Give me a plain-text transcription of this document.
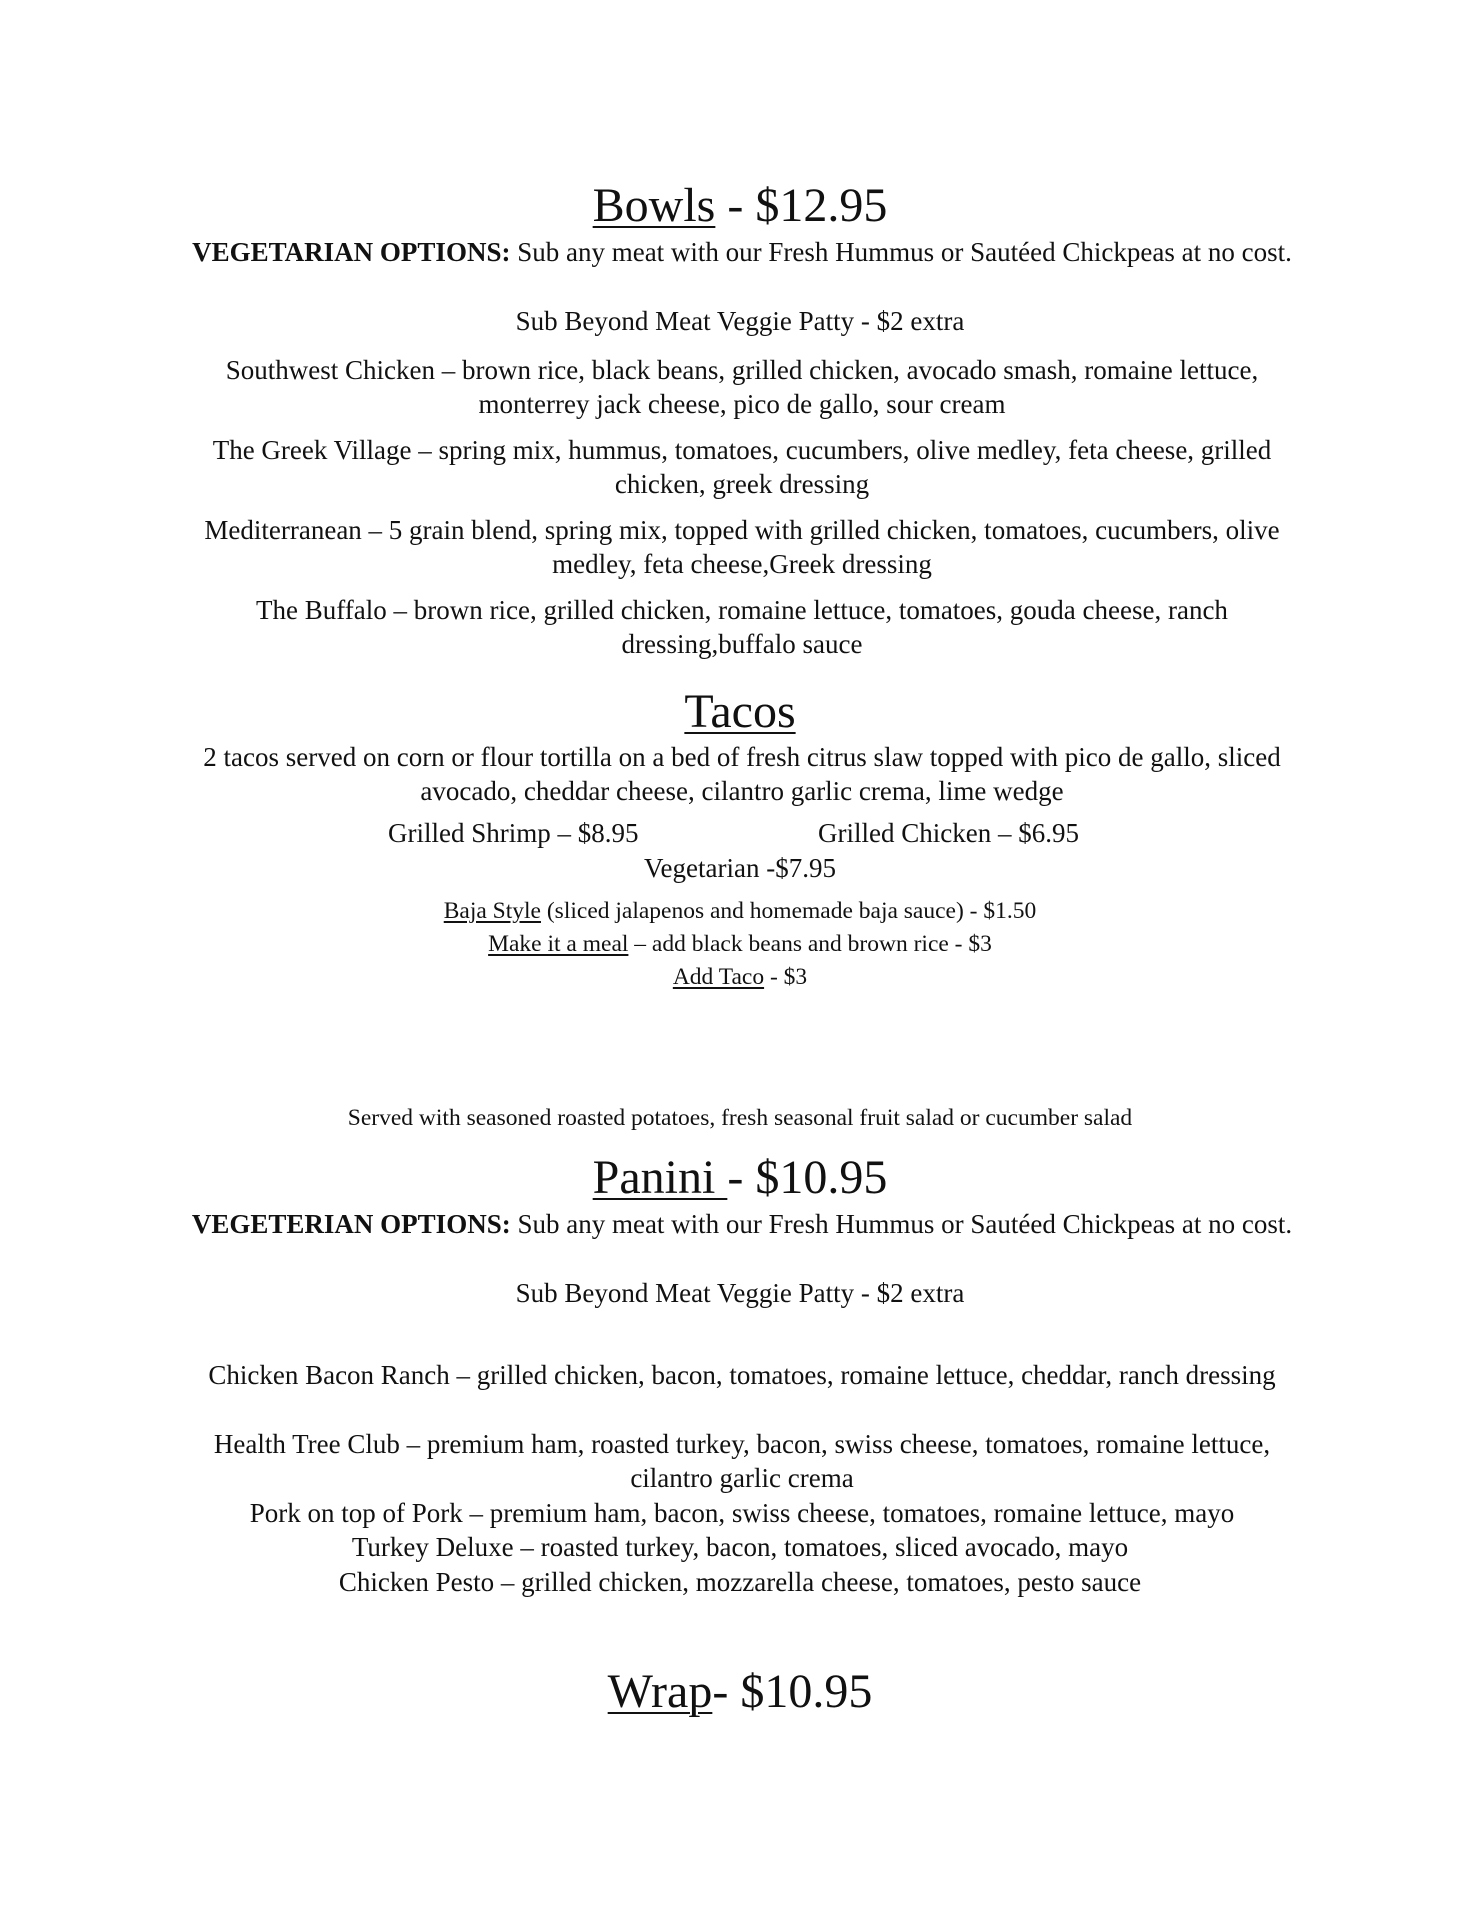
Bowls - $12.95
VEGETARIAN OPTIONS: Sub any meat with our Fresh Hummus or Sautéed Chickpeas at no cost.
Sub Beyond Meat Veggie Patty - $2 extra
Southwest Chicken – brown rice, black beans, grilled chicken, avocado smash, romaine lettuce, monterrey jack cheese, pico de gallo, sour cream
The Greek Village – spring mix, hummus, tomatoes, cucumbers, olive medley, feta cheese, grilled chicken, greek dressing
Mediterranean – 5 grain blend, spring mix, topped with grilled chicken, tomatoes, cucumbers, olive medley, feta cheese,Greek dressing
The Buffalo – brown rice, grilled chicken, romaine lettuce, tomatoes, gouda cheese, ranch dressing,buffalo sauce
Tacos
2 tacos served on corn or flour tortilla on a bed of fresh citrus slaw topped with pico de gallo, sliced avocado, cheddar cheese, cilantro garlic crema, lime wedge
Grilled Shrimp – $8.95	Grilled Chicken – $6.95
Vegetarian -$7.95
Baja Style (sliced jalapenos and homemade baja sauce) - $1.50
Make it a meal – add black beans and brown rice - $3
Add Taco - $3
Served with seasoned roasted potatoes, fresh seasonal fruit salad or cucumber salad
Panini - $10.95
VEGETERIAN OPTIONS: Sub any meat with our Fresh Hummus or Sautéed Chickpeas at no cost.
Sub Beyond Meat Veggie Patty - $2 extra
Chicken Bacon Ranch – grilled chicken, bacon, tomatoes, romaine lettuce, cheddar, ranch dressing
Health Tree Club – premium ham, roasted turkey, bacon, swiss cheese, tomatoes, romaine lettuce, cilantro garlic crema
Pork on top of Pork – premium ham, bacon, swiss cheese, tomatoes, romaine lettuce, mayo
Turkey Deluxe – roasted turkey, bacon, tomatoes, sliced avocado, mayo
Chicken Pesto – grilled chicken, mozzarella cheese, tomatoes, pesto sauce
Wrap- $10.95
